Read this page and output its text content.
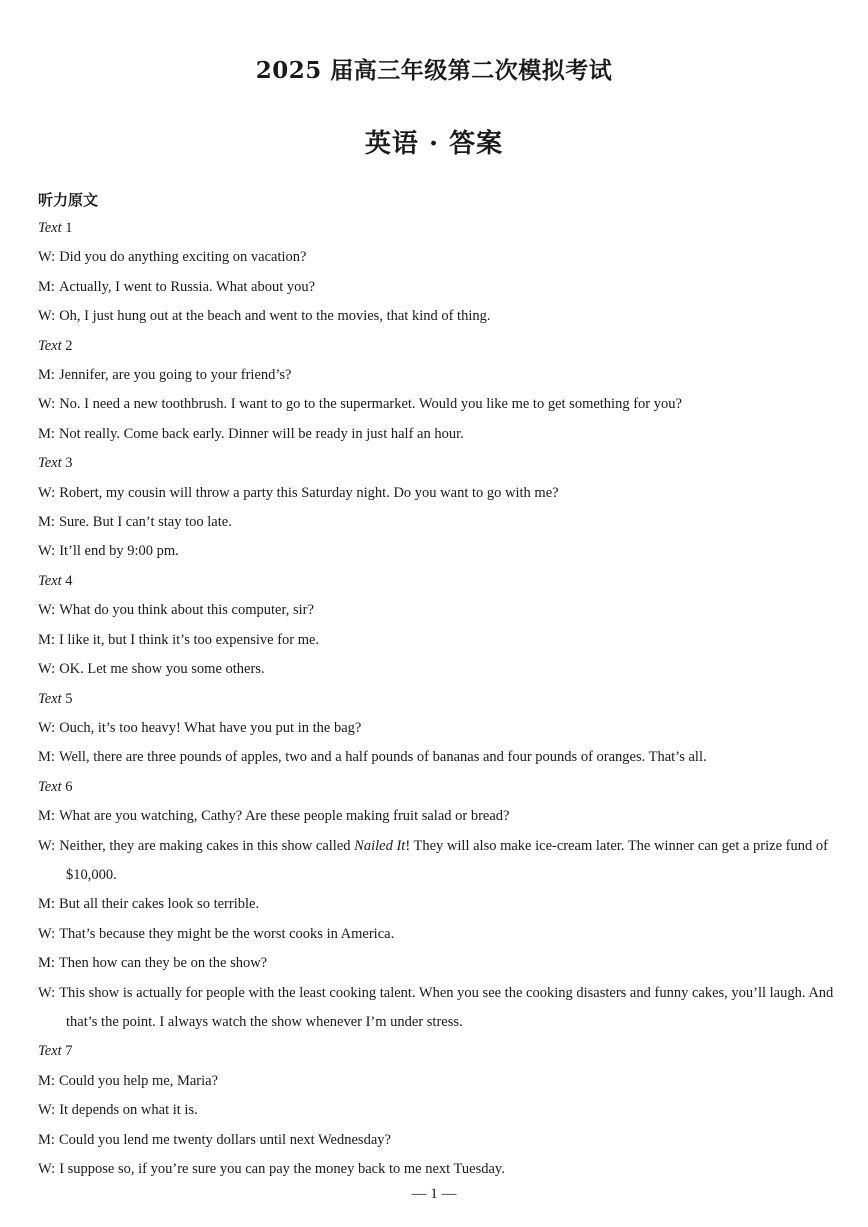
2025 届高三年级第二次模拟考试
英语 · 答案
听力原文

Text 1

W: Did you do anything exciting on vacation?

M: Actually, I went to Russia. What about you?

W: Oh, I just hung out at the beach and went to the movies, that kind of thing.

Text 2

M: Jennifer, are you going to your friend’s?

W: No. I need a new toothbrush. I want to go to the supermarket. Would you like me to get something for you?

M: Not really. Come back early. Dinner will be ready in just half an hour.

Text 3

W: Robert, my cousin will throw a party this Saturday night. Do you want to go with me?

M: Sure. But I can’t stay too late.

W: It’ll end by 9:00 pm.

Text 4

W: What do you think about this computer, sir?

M: I like it, but I think it’s too expensive for me.

W: OK. Let me show you some others.

Text 5

W: Ouch, it’s too heavy! What have you put in the bag?

M: Well, there are three pounds of apples, two and a half pounds of bananas and four pounds of oranges. That’s all.

Text 6

M: What are you watching, Cathy? Are these people making fruit salad or bread?

W: Neither, they are making cakes in this show called Nailed It! They will also make ice-cream later. The winner can get a prize fund of $10,000.

M: But all their cakes look so terrible.

W: That’s because they might be the worst cooks in America.

M: Then how can they be on the show?

W: This show is actually for people with the least cooking talent. When you see the cooking disasters and funny cakes, you’ll laugh. And that’s the point. I always watch the show whenever I’m under stress.

Text 7

M: Could you help me, Maria?

W: It depends on what it is.

M: Could you lend me twenty dollars until next Wednesday?

W: I suppose so, if you’re sure you can pay the money back to me next Tuesday.

— 1 —
